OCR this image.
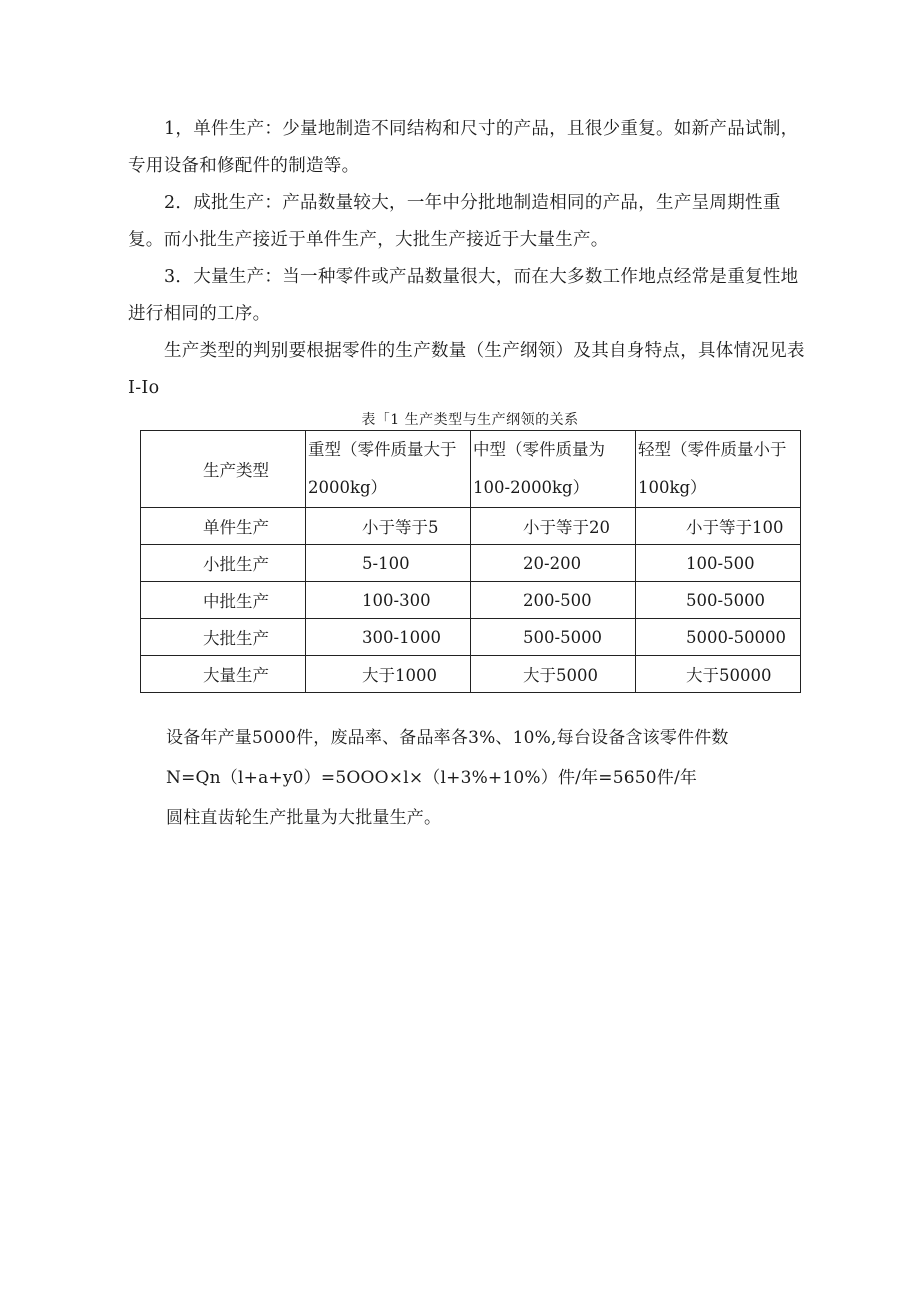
1，单件生产：少量地制造不同结构和尺寸的产品，且很少重复。如新产品试制，专用设备和修配件的制造等。

2．成批生产：产品数量较大，一年中分批地制造相同的产品，生产呈周期性重复。而小批生产接近于单件生产，大批生产接近于大量生产。

3．大量生产：当一种零件或产品数量很大，而在大多数工作地点经常是重复性地进行相同的工序。

生产类型的判别要根据零件的生产数量（生产纲领）及其自身特点，具体情况见表I-Io

表「1 生产类型与生产纲领的关系
生产类型	重型（零件质量大于2000kg）	中型（零件质量为100-2000kg）	轻型（零件质量小于100kg）
单件生产	小于等于5	小于等于20	小于等于100

小批生产	5-100	20-200	100-500

中批生产	100-300	200-500	500-5000

大批生产	300-1000	500-5000	5000-50000

大量生产	大于1000	大于5000	大于50000

设备年产量5000件，废品率、备品率各3%、10%,每台设备含该零件件数

N=Qn（l+a+y0）=5OOO×l×（l+3%+10%）件/年=5650件/年

圆柱直齿轮生产批量为大批量生产。
